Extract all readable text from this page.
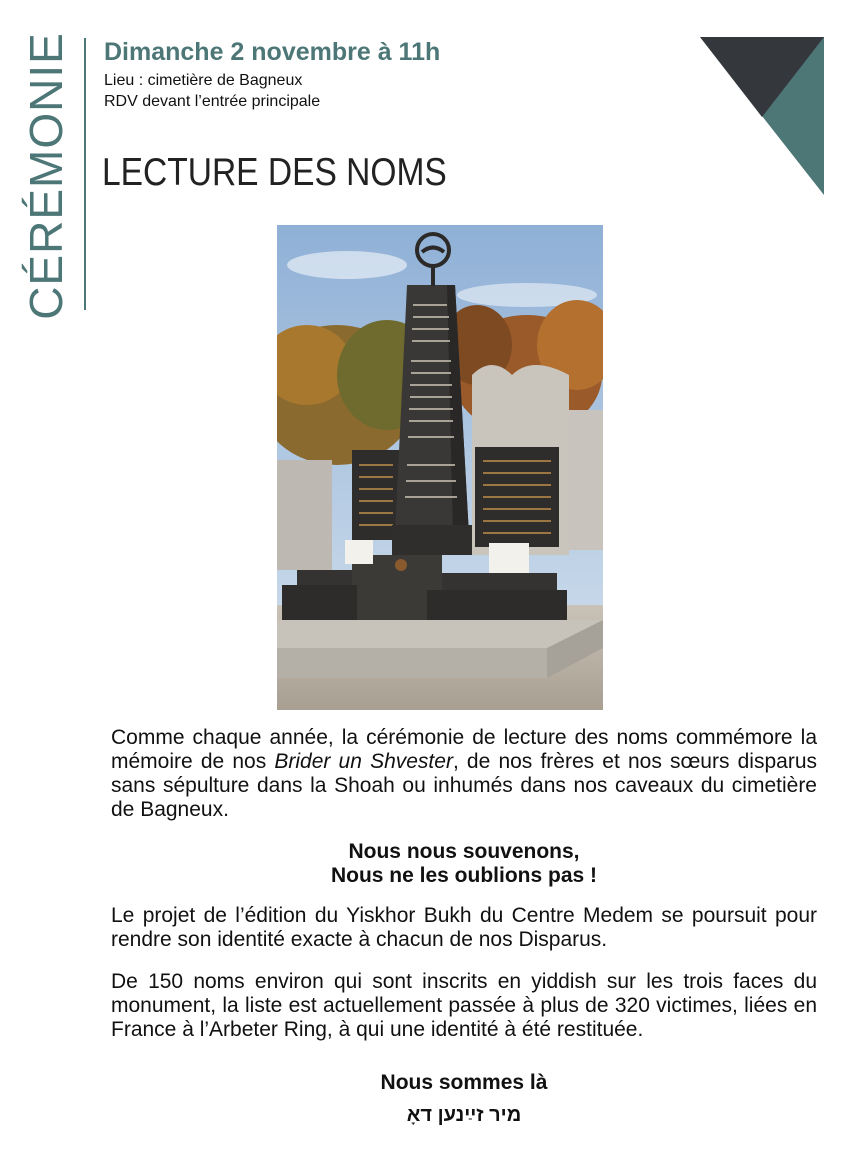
CÉRÉMONIE Dimanche 2 novembre à 11h
Lieu : cimetière de Bagneux
RDV devant l’entrée principale
LECTURE DES NOMS
Comme chaque année, la cérémonie de lecture des noms commémore la mémoire de nos Brider un Shvester, de nos frères et nos sœurs disparus sans sépulture dans la Shoah ou inhumés dans nos caveaux du cimetière de Bagneux.
Nous nous souvenons,
Nous ne les oublions pas !
Le projet de l’édition du Yiskhor Bukh du Centre Medem se poursuit pour rendre son identité exacte à chacun de nos Disparus.
De 150 noms environ qui sont inscrits en yiddish sur les trois faces du monument, la liste est actuellement passée à plus de 320 victimes, liées en France à l’Arbeter Ring, à qui une identité à été restituée.
Nous sommes là
מיר זײַנען דאָ
